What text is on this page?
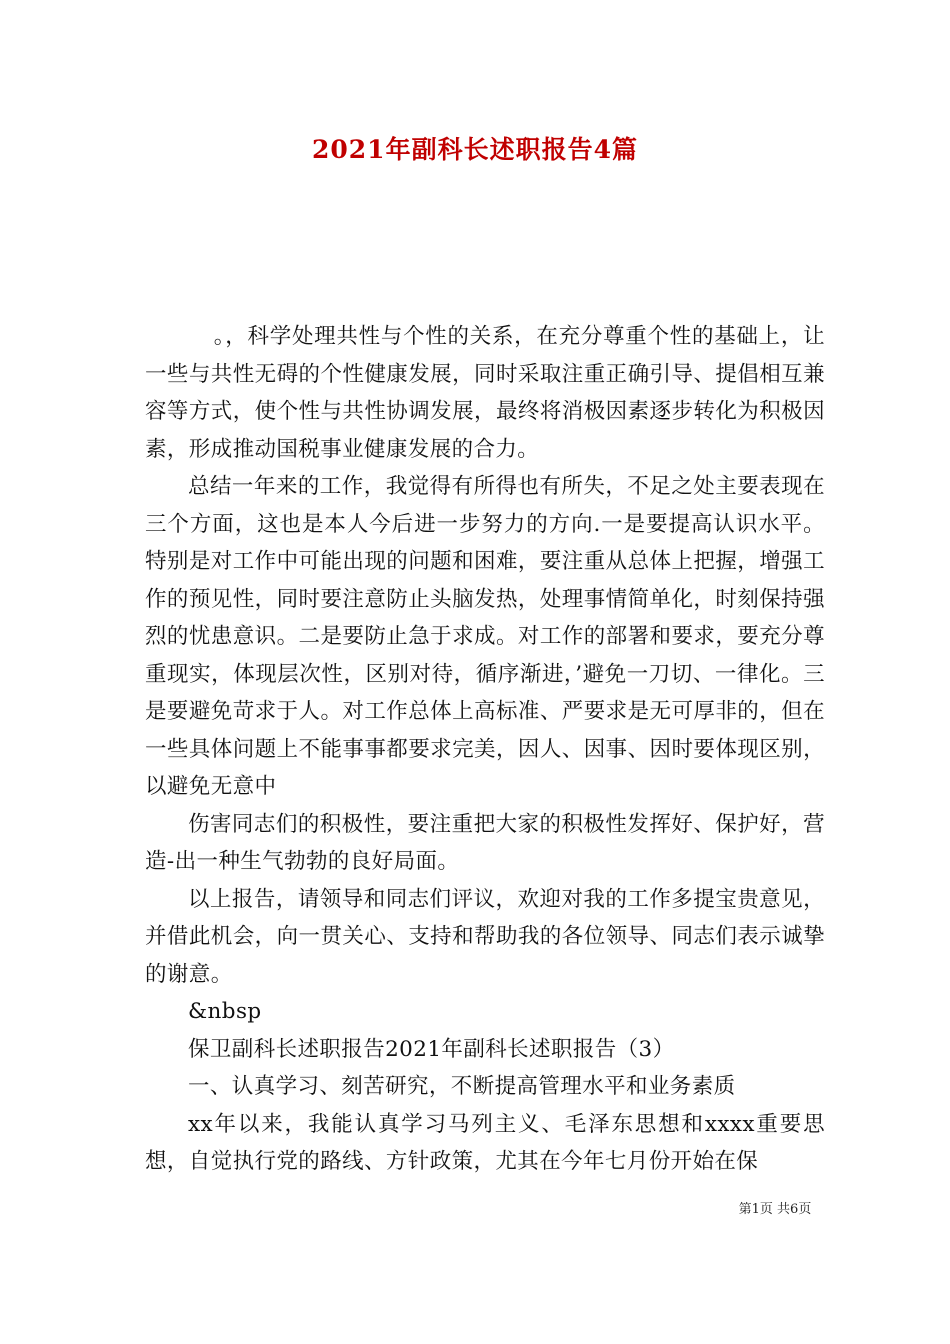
2021年副科长述职报告4篇

。，科学处理共性与个性的关系，在充分尊重个性的基础上，让一些与共性无碍的个性健康发展，同时采取注重正确引导、提倡相互兼容等方式，使个性与共性协调发展，最终将消极因素逐步转化为积极因素，形成推动国税事业健康发展的合力。

总结一年来的工作，我觉得有所得也有所失，不足之处主要表现在三个方面，这也是本人今后进一步努力的方向.一是要提高认识水平。特别是对工作中可能出现的问题和困难，要注重从总体上把握，增强工作的预见性，同时要注意防止头脑发热，处理事情简单化，时刻保持强烈的忧患意识。二是要防止急于求成。对工作的部署和要求，要充分尊重现实，体现层次性，区别对待，循序渐进，’避免一刀切、一律化。三是要避免苛求于人。对工作总体上高标准、严要求是无可厚非的，但在一些具体问题上不能事事都要求完美，因人、因事、因时要体现区别，以避免无意中

伤害同志们的积极性，要注重把大家的积极性发挥好、保护好，营造-出一种生气勃勃的良好局面。

以上报告，请领导和同志们评议，欢迎对我的工作多提宝贵意见，并借此机会，向一贯关心、支持和帮助我的各位领导、同志们表示诚挚的谢意。

&nbsp

保卫副科长述职报告2021年副科长述职报告（3）

一、认真学习、刻苦研究，不断提高管理水平和业务素质

xx年以来，我能认真学习马列主义、毛泽东思想和xxxx重要思想，自觉执行党的路线、方针政策，尤其在今年七月份开始在保

第1页 共6页
